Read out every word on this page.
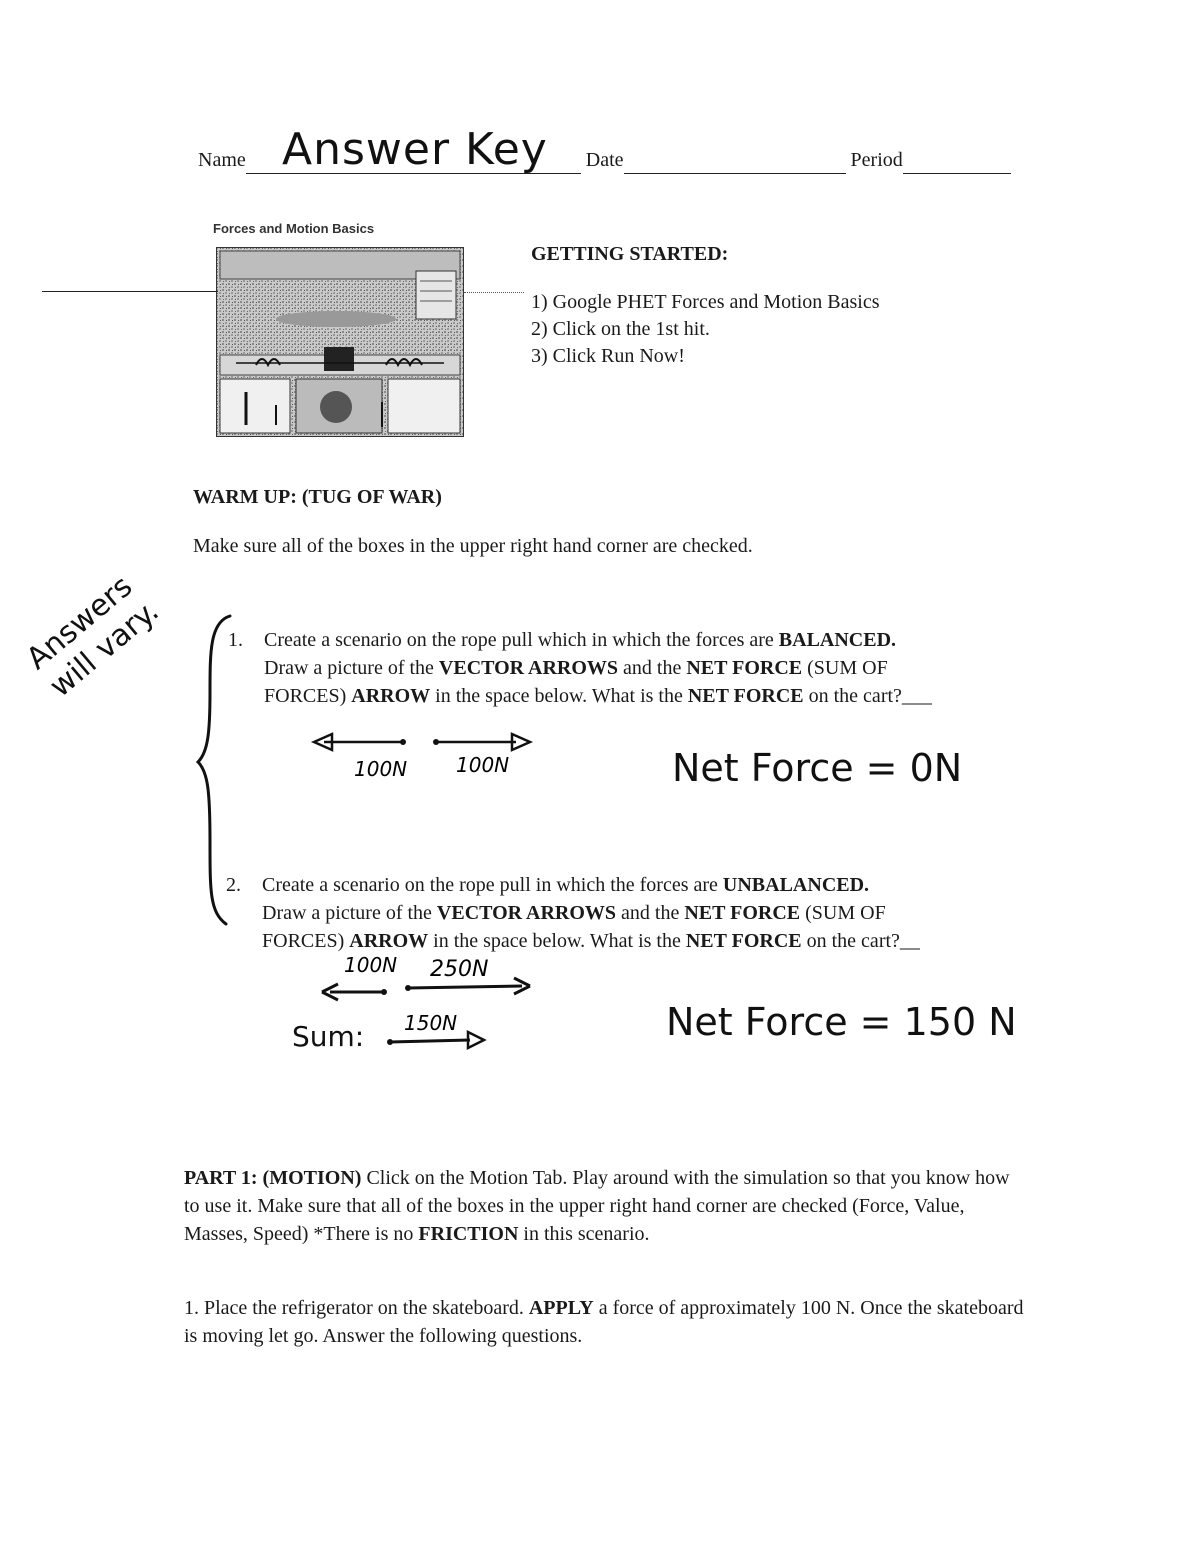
Name	Date	Period
Answer Key
Forces and Motion Basics
GETTING STARTED:
1) Google PHET Forces and Motion Basics
2) Click on the 1st hit.
3) Click Run Now!
WARM UP: (TUG OF WAR)
Make sure all of the boxes in the upper right hand corner are checked.
Answers will vary.	1. Create a scenario on the rope pull which in which the forces are BALANCED.
Draw a picture of the VECTOR ARROWS and the NET FORCE (SUM OF
FORCES) ARROW in the space below. What is the NET FORCE on the cart?___
100N 100N	Net Force = 0N
2. Create a scenario on the rope pull in which the forces are UNBALANCED.
Draw a picture of the VECTOR ARROWS and the NET FORCE (SUM OF
FORCES) ARROW in the space below. What is the NET FORCE on the cart?__
100N 250N
150N
Sum:	Net Force = 150 N
PART 1: (MOTION) Click on the Motion Tab. Play around with the simulation so that you know how to use it. Make sure that all of the boxes in the upper right hand corner are checked (Force, Value, Masses, Speed) *There is no FRICTION in this scenario.
1. Place the refrigerator on the skateboard. APPLY a force of approximately 100 N. Once the skateboard is moving let go. Answer the following questions.
